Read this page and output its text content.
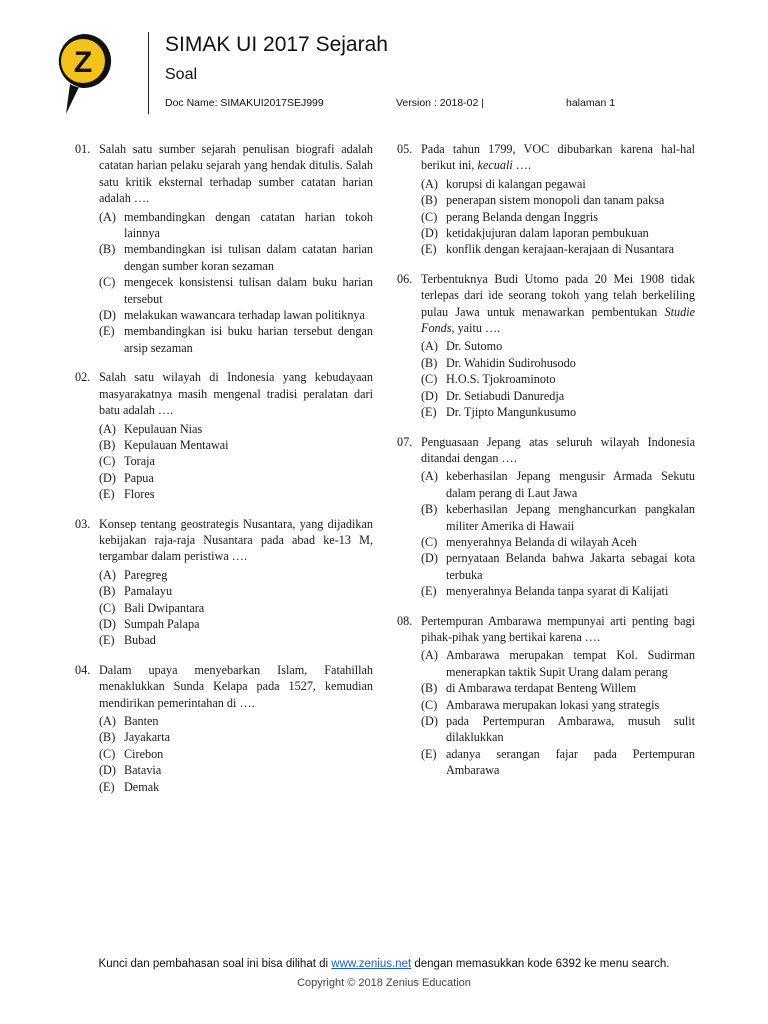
Z
SIMAK UI 2017 Sejarah
Soal
Doc Name: SIMAKUI2017SEJ999	Version : 2018-02 |	halaman 1
01. Salah satu sumber sejarah penulisan biografi adalah catatan harian pelaku sejarah yang hendak ditulis. Salah satu kritik eksternal terhadap sumber catatan harian adalah ….
(A) membandingkan dengan catatan harian tokoh lainnya
(B) membandingkan isi tulisan dalam catatan harian dengan sumber koran sezaman
(C) mengecek konsistensi tulisan dalam buku harian tersebut
(D) melakukan wawancara terhadap lawan politiknya
(E) membandingkan isi buku harian tersebut dengan arsip sezaman
02. Salah satu wilayah di Indonesia yang kebudayaan masyarakatnya masih mengenal tradisi peralatan dari batu adalah ….
(A) Kepulauan Nias
(B) Kepulauan Mentawai
(C) Toraja
(D) Papua
(E) Flores
03. Konsep tentang geostrategis Nusantara, yang dijadikan kebijakan raja-raja Nusantara pada abad ke-13 M, tergambar dalam peristiwa ….
(A) Paregreg
(B) Pamalayu
(C) Bali Dwipantara
(D) Sumpah Palapa
(E) Bubad
04. Dalam upaya menyebarkan Islam, Fatahillah menaklukkan Sunda Kelapa pada 1527, kemudian mendirikan pemerintahan di ….
(A) Banten
(B) Jayakarta
(C) Cirebon
(D) Batavia
(E) Demak
05. Pada tahun 1799, VOC dibubarkan karena hal-hal berikut ini, kecuali ….
(A) korupsi di kalangan pegawai
(B) penerapan sistem monopoli dan tanam paksa
(C) perang Belanda dengan Inggris
(D) ketidakjujuran dalam laporan pembukuan
(E) konflik dengan kerajaan-kerajaan di Nusantara
06. Terbentuknya Budi Utomo pada 20 Mei 1908 tidak terlepas dari ide seorang tokoh yang telah berkeliling pulau Jawa untuk menawarkan pembentukan Studie Fonds, yaitu ….
(A) Dr. Sutomo
(B) Dr. Wahidin Sudirohusodo
(C) H.O.S. Tjokroaminoto
(D) Dr. Setiabudi Danuredja
(E) Dr. Tjipto Mangunkusumo
07. Penguasaan Jepang atas seluruh wilayah Indonesia ditandai dengan ….
(A) keberhasilan Jepang mengusir Armada Sekutu dalam perang di Laut Jawa
(B) keberhasilan Jepang menghancurkan pangkalan militer Amerika di Hawaii
(C) menyerahnya Belanda di wilayah Aceh
(D) pernyataan Belanda bahwa Jakarta sebagai kota terbuka
(E) menyerahnya Belanda tanpa syarat di Kalijati
08. Pertempuran Ambarawa mempunyai arti penting bagi pihak-pihak yang bertikai karena ….
(A) Ambarawa merupakan tempat Kol. Sudirman menerapkan taktik Supit Urang dalam perang
(B) di Ambarawa terdapat Benteng Willem
(C) Ambarawa merupakan lokasi yang strategis
(D) pada Pertempuran Ambarawa, musuh sulit dilaklukkan
(E) adanya serangan fajar pada Pertempuran Ambarawa
Kunci dan pembahasan soal ini bisa dilihat di www.zenius.net dengan memasukkan kode 6392 ke menu search.
Copyright © 2018 Zenius Education
